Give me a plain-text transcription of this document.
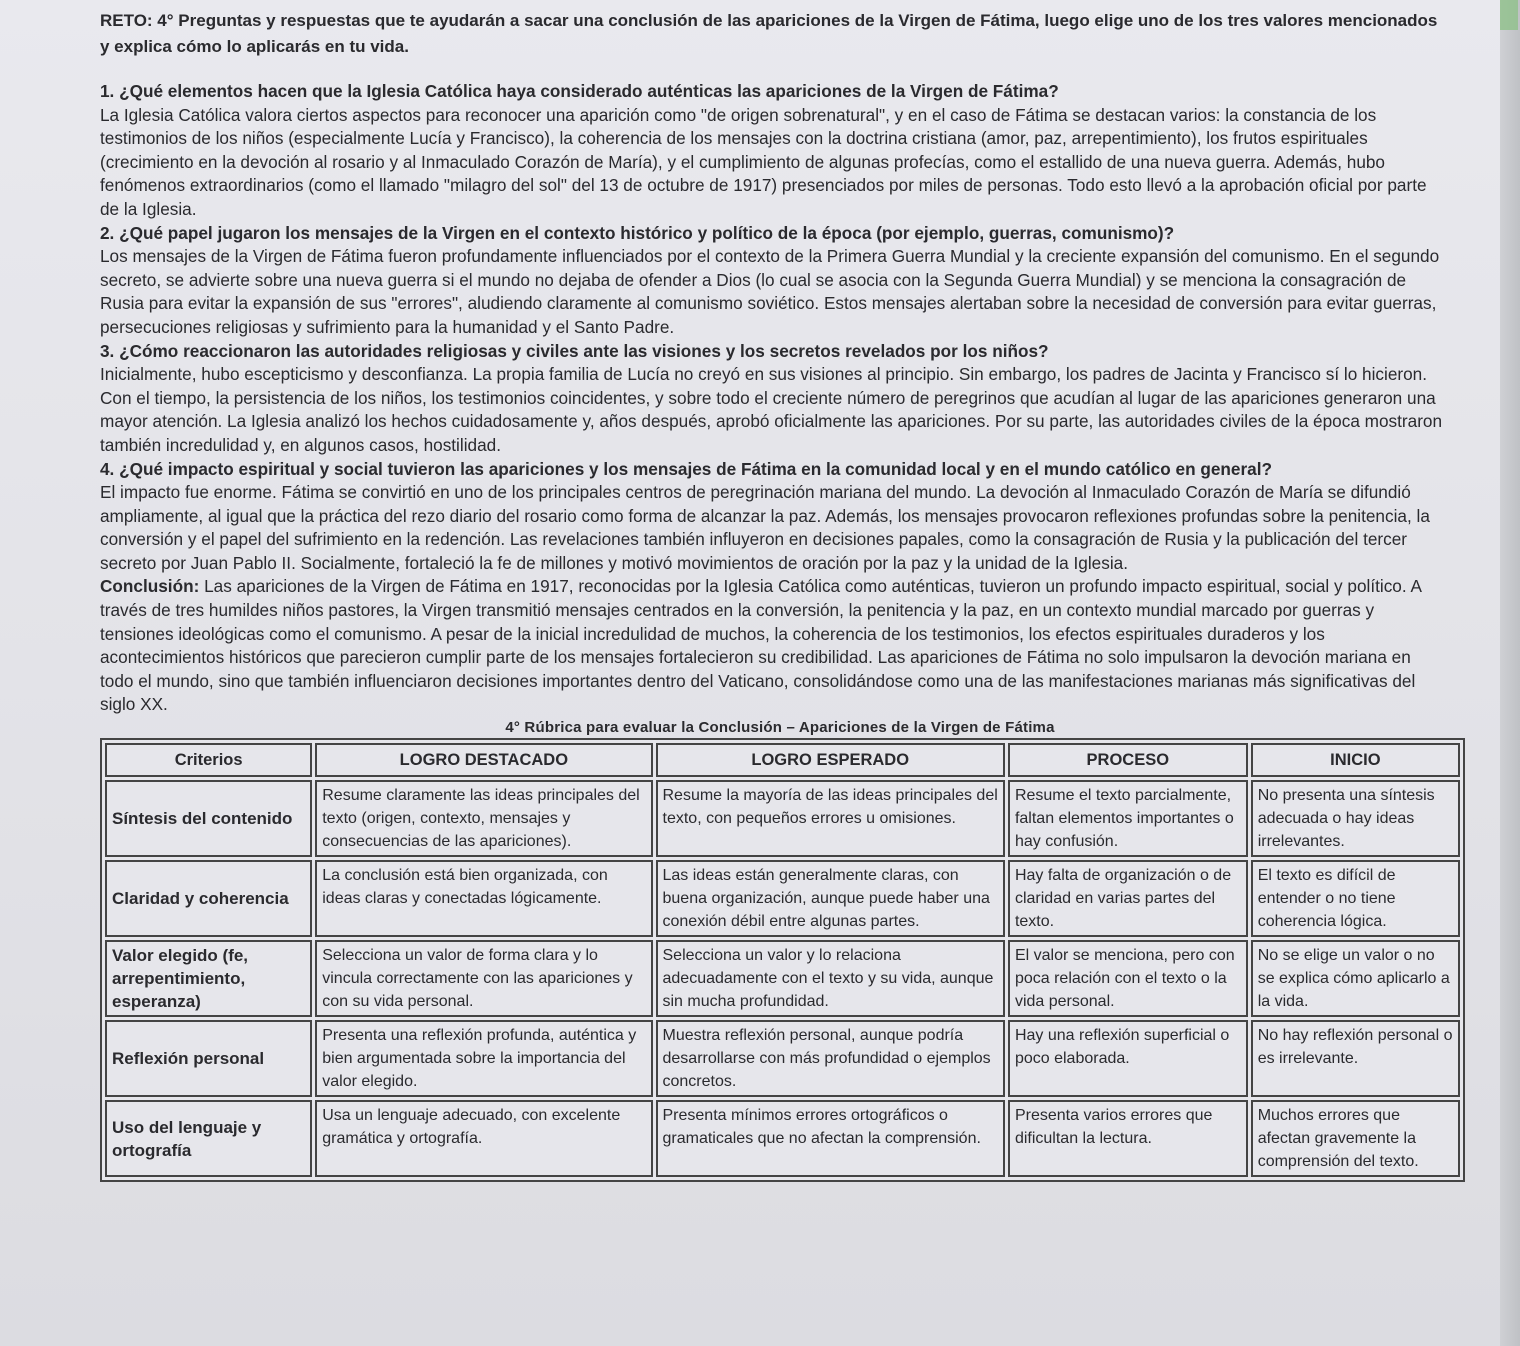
RETO: 4° Preguntas y respuestas que te ayudarán a sacar una conclusión de las apariciones de la Virgen de Fátima, luego elige uno de los tres valores mencionados y explica cómo lo aplicarás en tu vida.

1. ¿Qué elementos hacen que la Iglesia Católica haya considerado auténticas las apariciones de la Virgen de Fátima?

La Iglesia Católica valora ciertos aspectos para reconocer una aparición como "de origen sobrenatural", y en el caso de Fátima se destacan varios: la constancia de los testimonios de los niños (especialmente Lucía y Francisco), la coherencia de los mensajes con la doctrina cristiana (amor, paz, arrepentimiento), los frutos espirituales (crecimiento en la devoción al rosario y al Inmaculado Corazón de María), y el cumplimiento de algunas profecías, como el estallido de una nueva guerra. Además, hubo fenómenos extraordinarios (como el llamado "milagro del sol" del 13 de octubre de 1917) presenciados por miles de personas. Todo esto llevó a la aprobación oficial por parte de la Iglesia.

2. ¿Qué papel jugaron los mensajes de la Virgen en el contexto histórico y político de la época (por ejemplo, guerras, comunismo)?

Los mensajes de la Virgen de Fátima fueron profundamente influenciados por el contexto de la Primera Guerra Mundial y la creciente expansión del comunismo. En el segundo secreto, se advierte sobre una nueva guerra si el mundo no dejaba de ofender a Dios (lo cual se asocia con la Segunda Guerra Mundial) y se menciona la consagración de Rusia para evitar la expansión de sus "errores", aludiendo claramente al comunismo soviético. Estos mensajes alertaban sobre la necesidad de conversión para evitar guerras, persecuciones religiosas y sufrimiento para la humanidad y el Santo Padre.

3. ¿Cómo reaccionaron las autoridades religiosas y civiles ante las visiones y los secretos revelados por los niños?

Inicialmente, hubo escepticismo y desconfianza. La propia familia de Lucía no creyó en sus visiones al principio. Sin embargo, los padres de Jacinta y Francisco sí lo hicieron. Con el tiempo, la persistencia de los niños, los testimonios coincidentes, y sobre todo el creciente número de peregrinos que acudían al lugar de las apariciones generaron una mayor atención. La Iglesia analizó los hechos cuidadosamente y, años después, aprobó oficialmente las apariciones. Por su parte, las autoridades civiles de la época mostraron también incredulidad y, en algunos casos, hostilidad.

4. ¿Qué impacto espiritual y social tuvieron las apariciones y los mensajes de Fátima en la comunidad local y en el mundo católico en general?

El impacto fue enorme. Fátima se convirtió en uno de los principales centros de peregrinación mariana del mundo. La devoción al Inmaculado Corazón de María se difundió ampliamente, al igual que la práctica del rezo diario del rosario como forma de alcanzar la paz. Además, los mensajes provocaron reflexiones profundas sobre la penitencia, la conversión y el papel del sufrimiento en la redención. Las revelaciones también influyeron en decisiones papales, como la consagración de Rusia y la publicación del tercer secreto por Juan Pablo II. Socialmente, fortaleció la fe de millones y motivó movimientos de oración por la paz y la unidad de la Iglesia.

Conclusión: Las apariciones de la Virgen de Fátima en 1917, reconocidas por la Iglesia Católica como auténticas, tuvieron un profundo impacto espiritual, social y político. A través de tres humildes niños pastores, la Virgen transmitió mensajes centrados en la conversión, la penitencia y la paz, en un contexto mundial marcado por guerras y tensiones ideológicas como el comunismo. A pesar de la inicial incredulidad de muchos, la coherencia de los testimonios, los efectos espirituales duraderos y los acontecimientos históricos que parecieron cumplir parte de los mensajes fortalecieron su credibilidad. Las apariciones de Fátima no solo impulsaron la devoción mariana en todo el mundo, sino que también influenciaron decisiones importantes dentro del Vaticano, consolidándose como una de las manifestaciones marianas más significativas del siglo XX.

4° Rúbrica para evaluar la Conclusión – Apariciones de la Virgen de Fátima
Criterios	LOGRO DESTACADO	LOGRO ESPERADO	PROCESO	INICIO
Síntesis del contenido	Resume claramente las ideas principales del texto (origen, contexto, mensajes y consecuencias de las apariciones).	Resume la mayoría de las ideas principales del texto, con pequeños errores u omisiones.	Resume el texto parcialmente, faltan elementos importantes o hay confusión.	No presenta una síntesis adecuada o hay ideas irrelevantes.
Claridad y coherencia	La conclusión está bien organizada, con ideas claras y conectadas lógicamente.	Las ideas están generalmente claras, con buena organización, aunque puede haber una conexión débil entre algunas partes.	Hay falta de organización o de claridad en varias partes del texto.	El texto es difícil de entender o no tiene coherencia lógica.
Valor elegido (fe, arrepentimiento, esperanza)	Selecciona un valor de forma clara y lo vincula correctamente con las apariciones y con su vida personal.	Selecciona un valor y lo relaciona adecuadamente con el texto y su vida, aunque sin mucha profundidad.	El valor se menciona, pero con poca relación con el texto o la vida personal.	No se elige un valor o no se explica cómo aplicarlo a la vida.
Reflexión personal	Presenta una reflexión profunda, auténtica y bien argumentada sobre la importancia del valor elegido.	Muestra reflexión personal, aunque podría desarrollarse con más profundidad o ejemplos concretos.	Hay una reflexión superficial o poco elaborada.	No hay reflexión personal o es irrelevante.
Uso del lenguaje y ortografía	Usa un lenguaje adecuado, con excelente gramática y ortografía.	Presenta mínimos errores ortográficos o gramaticales que no afectan la comprensión.	Presenta varios errores que dificultan la lectura.	Muchos errores que afectan gravemente la comprensión del texto.
